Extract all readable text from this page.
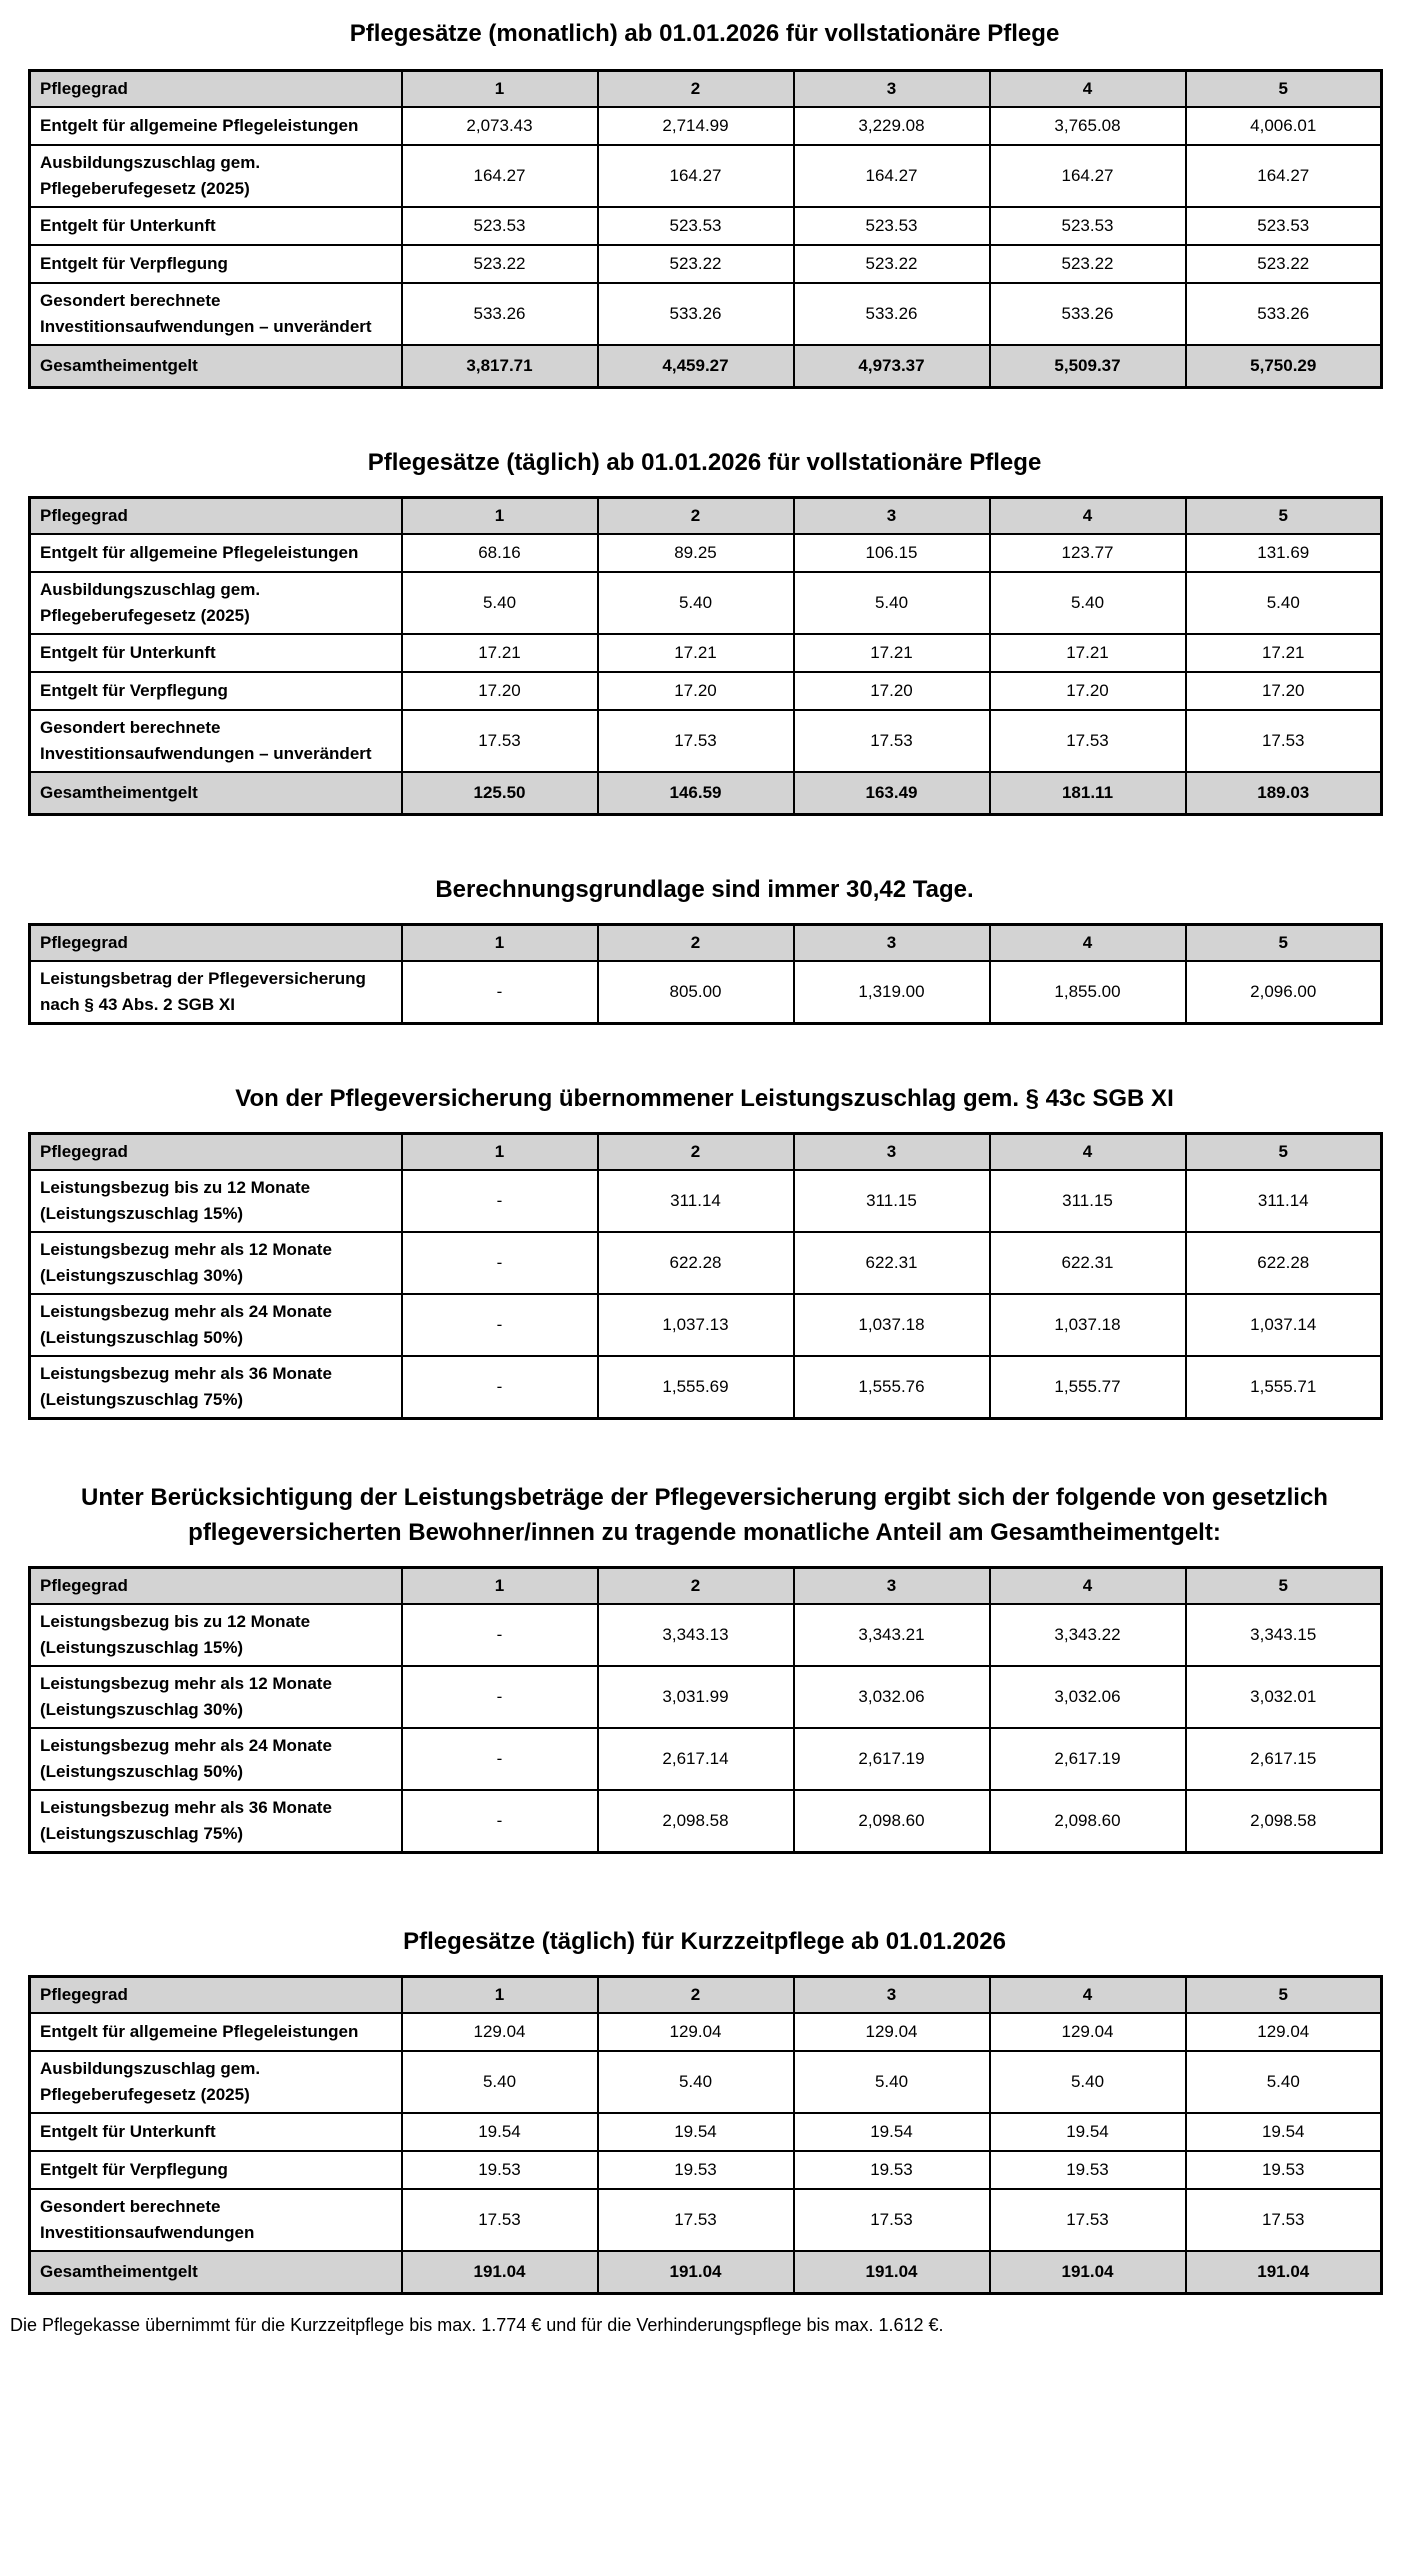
Pflegesätze (monatlich) ab 01.01.2026 für vollstationäre Pflege
Pflegegrad	1	2	3	4	5
Entgelt für allgemeine Pflegeleistungen	2,073.43	2,714.99	3,229.08	3,765.08	4,006.01
Ausbildungszuschlag gem. Pflegeberufegesetz (2025)	164.27	164.27	164.27	164.27	164.27
Entgelt für Unterkunft	523.53	523.53	523.53	523.53	523.53
Entgelt für Verpflegung	523.22	523.22	523.22	523.22	523.22
Gesondert berechnete Investitionsaufwendungen – unverändert	533.26	533.26	533.26	533.26	533.26
Gesamtheimentgelt	3,817.71	4,459.27	4,973.37	5,509.37	5,750.29
Pflegesätze (täglich) ab 01.01.2026 für vollstationäre Pflege
Pflegegrad	1	2	3	4	5
Entgelt für allgemeine Pflegeleistungen	68.16	89.25	106.15	123.77	131.69
Ausbildungszuschlag gem. Pflegeberufegesetz (2025)	5.40	5.40	5.40	5.40	5.40
Entgelt für Unterkunft	17.21	17.21	17.21	17.21	17.21
Entgelt für Verpflegung	17.20	17.20	17.20	17.20	17.20
Gesondert berechnete Investitionsaufwendungen – unverändert	17.53	17.53	17.53	17.53	17.53
Gesamtheimentgelt	125.50	146.59	163.49	181.11	189.03
Berechnungsgrundlage sind immer 30,42 Tage.
Pflegegrad	1	2	3	4	5
Leistungsbetrag der Pflegeversicherung nach § 43 Abs. 2 SGB XI	-	805.00	1,319.00	1,855.00	2,096.00
Von der Pflegeversicherung übernommener Leistungszuschlag gem. § 43c SGB XI
Pflegegrad	1	2	3	4	5
Leistungsbezug bis zu 12 Monate (Leistungszuschlag 15%)	-	311.14	311.15	311.15	311.14
Leistungsbezug mehr als 12 Monate (Leistungszuschlag 30%)	-	622.28	622.31	622.31	622.28
Leistungsbezug mehr als 24 Monate (Leistungszuschlag 50%)	-	1,037.13	1,037.18	1,037.18	1,037.14
Leistungsbezug mehr als 36 Monate (Leistungszuschlag 75%)	-	1,555.69	1,555.76	1,555.77	1,555.71
Unter Berücksichtigung der Leistungsbeträge der Pflegeversicherung ergibt sich der folgende von gesetzlich
pflegeversicherten Bewohner/innen zu tragende monatliche Anteil am Gesamtheimentgelt:
Pflegegrad	1	2	3	4	5
Leistungsbezug bis zu 12 Monate (Leistungszuschlag 15%)	-	3,343.13	3,343.21	3,343.22	3,343.15
Leistungsbezug mehr als 12 Monate (Leistungszuschlag 30%)	-	3,031.99	3,032.06	3,032.06	3,032.01
Leistungsbezug mehr als 24 Monate (Leistungszuschlag 50%)	-	2,617.14	2,617.19	2,617.19	2,617.15
Leistungsbezug mehr als 36 Monate (Leistungszuschlag 75%)	-	2,098.58	2,098.60	2,098.60	2,098.58
Pflegesätze (täglich) für Kurzzeitpflege ab 01.01.2026
Pflegegrad	1	2	3	4	5
Entgelt für allgemeine Pflegeleistungen	129.04	129.04	129.04	129.04	129.04
Ausbildungszuschlag gem. Pflegeberufegesetz (2025)	5.40	5.40	5.40	5.40	5.40
Entgelt für Unterkunft	19.54	19.54	19.54	19.54	19.54
Entgelt für Verpflegung	19.53	19.53	19.53	19.53	19.53
Gesondert berechnete Investitionsaufwendungen	17.53	17.53	17.53	17.53	17.53
Gesamtheimentgelt	191.04	191.04	191.04	191.04	191.04

Die Pflegekasse übernimmt für die Kurzzeitpflege bis max. 1.774 € und für die Verhinderungspflege bis max. 1.612 €.
